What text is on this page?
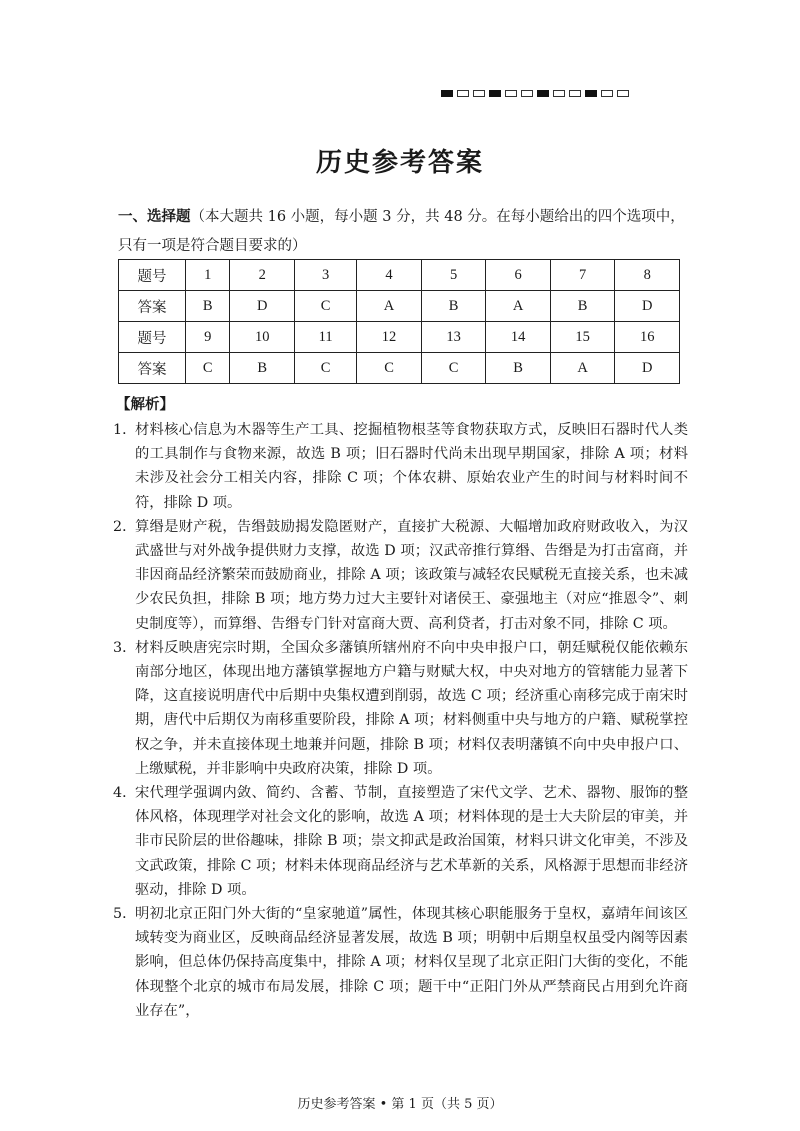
历史参考答案
一、选择题（本大题共 16 小题，每小题 3 分，共 48 分。在每小题给出的四个选项中，只有一项是符合题目要求的）
题号	1	2	3	4	5	6	7	8
答案	B	D	C	A	B	A	B	D
题号	9	10	11	12	13	14	15	16
答案	C	B	C	C	C	B	A	D
【解析】
1．
材料核心信息为木器等生产工具、挖掘植物根茎等食物获取方式，反映旧石器时代人类的工具制作与食物来源，故选 B 项；旧石器时代尚未出现早期国家，排除 A 项；材料未涉及社会分工相关内容，排除 C 项；个体农耕、原始农业产生的时间与材料时间不符，排除 D 项。
2．
算缗是财产税，告缗鼓励揭发隐匿财产，直接扩大税源、大幅增加政府财政收入，为汉武盛世与对外战争提供财力支撑，故选 D 项；汉武帝推行算缗、告缗是为打击富商，并非因商品经济繁荣而鼓励商业，排除 A 项；该政策与减轻农民赋税无直接关系，也未减少农民负担，排除 B 项；地方势力过大主要针对诸侯王、豪强地主（对应“推恩令”、刺史制度等），而算缗、告缗专门针对富商大贾、高利贷者，打击对象不同，排除 C 项。
3．
材料反映唐宪宗时期，全国众多藩镇所辖州府不向中央申报户口，朝廷赋税仅能依赖东南部分地区，体现出地方藩镇掌握地方户籍与财赋大权，中央对地方的管辖能力显著下降，这直接说明唐代中后期中央集权遭到削弱，故选 C 项；经济重心南移完成于南宋时期，唐代中后期仅为南移重要阶段，排除 A 项；材料侧重中央与地方的户籍、赋税掌控权之争，并未直接体现土地兼并问题，排除 B 项；材料仅表明藩镇不向中央申报户口、上缴赋税，并非影响中央政府决策，排除 D 项。
4．
宋代理学强调内敛、简约、含蓄、节制，直接塑造了宋代文学、艺术、器物、服饰的整体风格，体现理学对社会文化的影响，故选 A 项；材料体现的是士大夫阶层的审美，并非市民阶层的世俗趣味，排除 B 项；崇文抑武是政治国策，材料只讲文化审美，不涉及文武政策，排除 C 项；材料未体现商品经济与艺术革新的关系，风格源于思想而非经济驱动，排除 D 项。
5．
明初北京正阳门外大街的“皇家驰道”属性，体现其核心职能服务于皇权，嘉靖年间该区域转变为商业区，反映商品经济显著发展，故选 B 项；明朝中后期皇权虽受内阁等因素影响，但总体仍保持高度集中，排除 A 项；材料仅呈现了北京正阳门大街的变化，不能体现整个北京的城市布局发展，排除 C 项；题干中“正阳门外从严禁商民占用到允许商业存在”，
历史参考答案 • 第 1 页（共 5 页）
